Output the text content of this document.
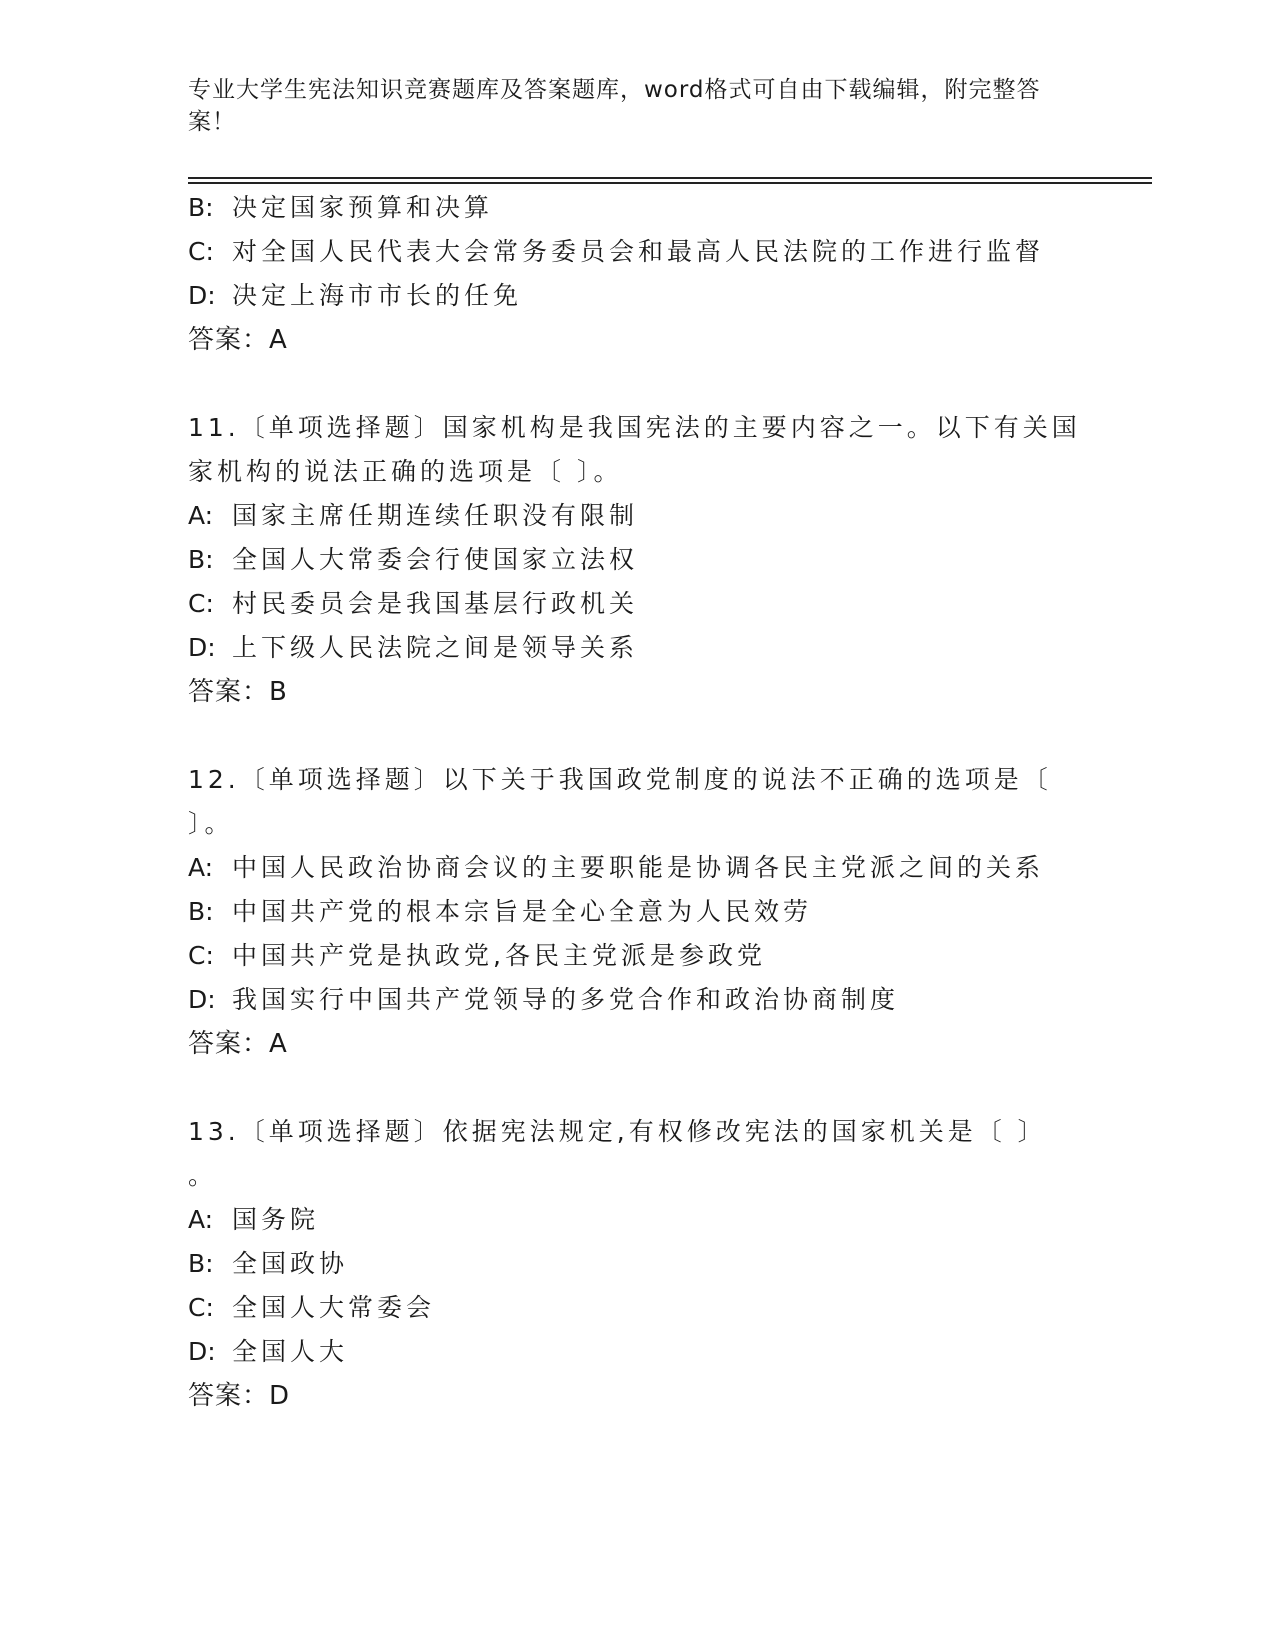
专业大学生宪法知识竞赛题库及答案题库，word格式可自由下载编辑，附完整答
案！
B: 决定国家预算和决算
C: 对全国人民代表大会常务委员会和最高人民法院的工作进行监督
D: 决定上海市市长的任免
答案：A
11.〔单项选择题〕国家机构是我国宪法的主要内容之一。以下有关国
家机构的说法正确的选项是〔 〕。
A: 国家主席任期连续任职没有限制
B: 全国人大常委会行使国家立法权
C: 村民委员会是我国基层行政机关
D: 上下级人民法院之间是领导关系
答案：B
12.〔单项选择题〕以下关于我国政党制度的说法不正确的选项是〔
〕。
A: 中国人民政治协商会议的主要职能是协调各民主党派之间的关系
B: 中国共产党的根本宗旨是全心全意为人民效劳
C: 中国共产党是执政党,各民主党派是参政党
D: 我国实行中国共产党领导的多党合作和政治协商制度
答案：A
13.〔单项选择题〕依据宪法规定,有权修改宪法的国家机关是〔 〕
。
A: 国务院
B: 全国政协
C: 全国人大常委会
D: 全国人大
答案：D
